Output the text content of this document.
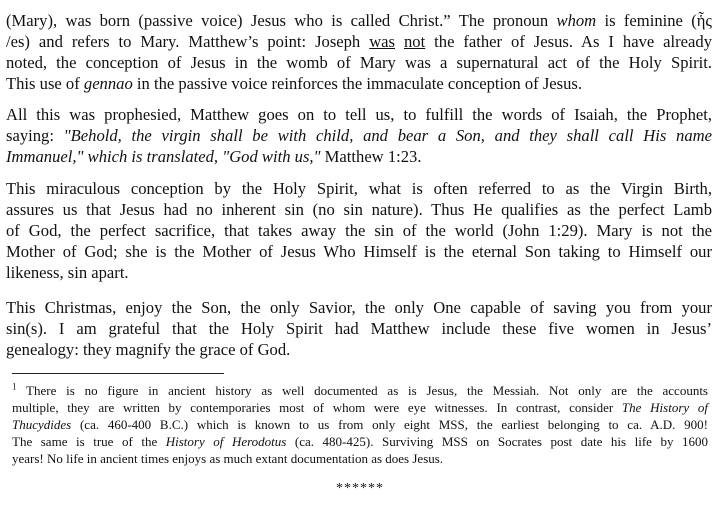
(Mary), was born (passive voice) Jesus who is called Christ.” The pronoun whom is feminine (ἧς
/es) and refers to Mary. Matthew’s point: Joseph was not the father of Jesus. As I have already
noted, the conception of Jesus in the womb of Mary was a supernatural act of the Holy Spirit.
This use of gennao in the passive voice reinforces the immaculate conception of Jesus.
All this was prophesied, Matthew goes on to tell us, to fulfill the words of Isaiah, the Prophet,
saying: "Behold, the virgin shall be with child, and bear a Son, and they shall call His name
Immanuel," which is translated, "God with us," Matthew 1:23.
This miraculous conception by the Holy Spirit, what is often referred to as the Virgin Birth,
assures us that Jesus had no inherent sin (no sin nature). Thus He qualifies as the perfect Lamb
of God, the perfect sacrifice, that takes away the sin of the world (John 1:29). Mary is not the
Mother of God; she is the Mother of Jesus Who Himself is the eternal Son taking to Himself our
likeness, sin apart.
This Christmas, enjoy the Son, the only Savior, the only One capable of saving you from your
sin(s). I am grateful that the Holy Spirit had Matthew include these five women in Jesus’
genealogy: they magnify the grace of God.
$^1$ There is no figure in ancient history as well documented as is Jesus, the Messiah. Not only are the accounts
multiple, they are written by contemporaries most of whom were eye witnesses. In contrast, consider The History of
Thucydides (ca. 460-400 B.C.) which is known to us from only eight MSS, the earliest belonging to ca. A.D. 900!
The same is true of the History of Herodotus (ca. 480-425). Surviving MSS on Socrates post date his life by 1600
years! No life in ancient times enjoys as much extant documentation as does Jesus.
******
